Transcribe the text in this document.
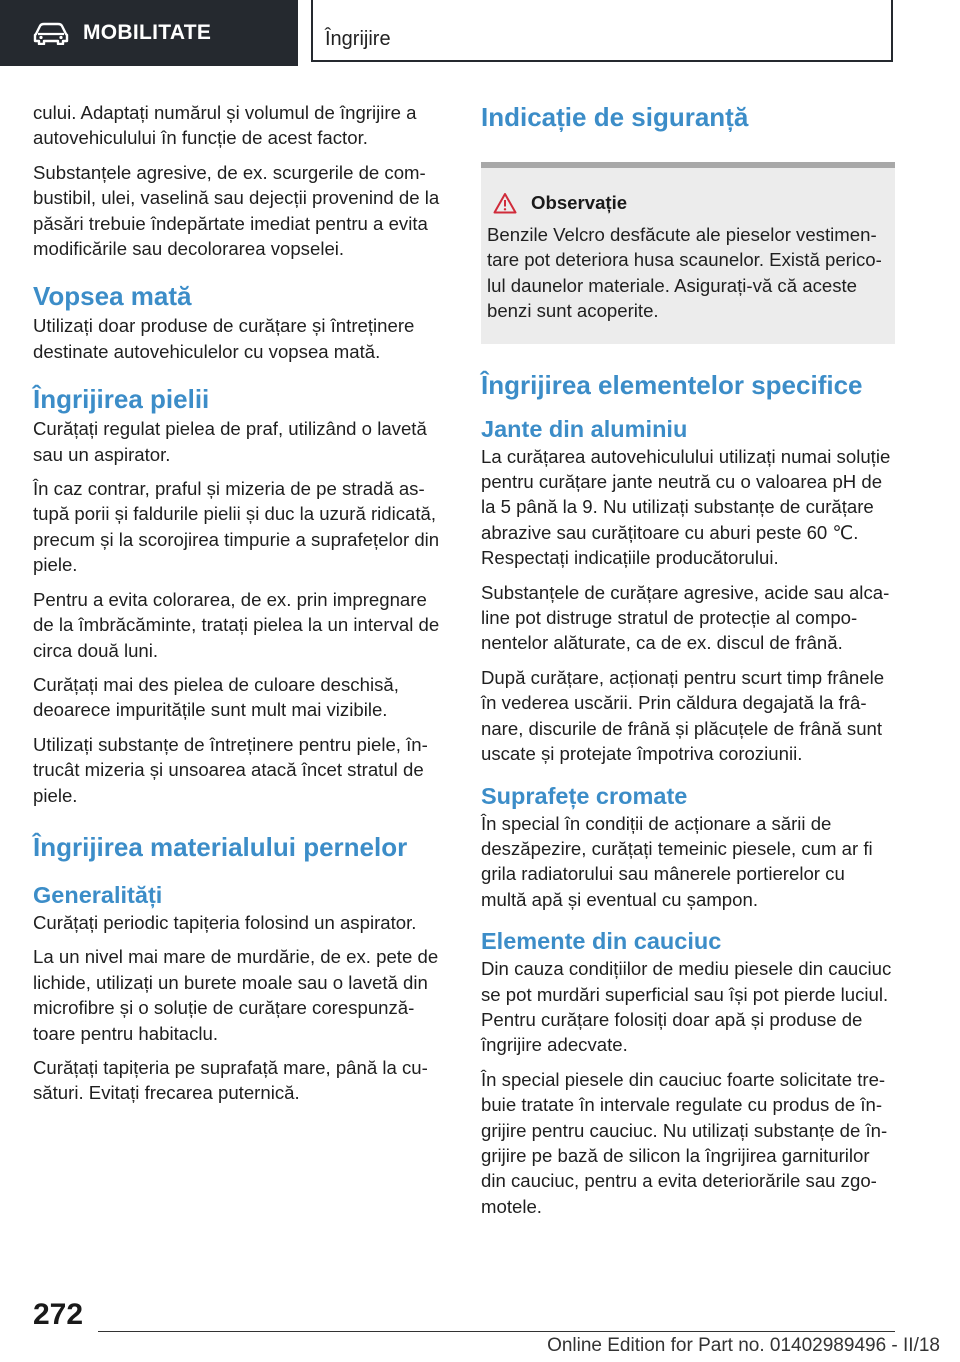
MOBILITATE	Îngrijire

cului. Adaptați numărul și volumul de îngrijire a autovehiculului în funcție de acest factor.

Substanțele agresive, de ex. scurgerile de combustibil, ulei, vaselină sau dejecții provenind de la păsări trebuie îndepărtate imediat pentru a evita modificările sau decolorarea vopselei.

Vopsea mată

Utilizați doar produse de curățare și întreținere destinate autovehiculelor cu vopsea mată.

Îngrijirea pielii

Curățați regulat pielea de praf, utilizând o lavetă sau un aspirator.

În caz contrar, praful și mizeria de pe stradă astupă porii și faldurile pielii și duc la uzură ridicată, precum și la scorojirea timpurie a suprafețelor din piele.

Pentru a evita colorarea, de ex. prin impregnare de la îmbrăcăminte, tratați pielea la un interval de circa două luni.

Curățați mai des pielea de culoare deschisă, deoarece impuritățile sunt mult mai vizibile.

Utilizați substanțe de întreținere pentru piele, întrucât mizeria și unsoarea atacă încet stratul de piele.

Îngrijirea materialului pernelor
Generalități

Curățați periodic tapițeria folosind un aspirator.

La un nivel mai mare de murdărie, de ex. pete de lichide, utilizați un burete moale sau o lavetă din microfibre și o soluție de curățare corespunzătoare pentru habitaclu.

Curățați tapițeria pe suprafață mare, până la cusături. Evitați frecarea puternică.

Indicație de siguranță
Observație

Benzile Velcro desfăcute ale pieselor vestimentare pot deteriora husa scaunelor. Există pericolul daunelor materiale. Asigurați-vă că aceste benzi sunt acoperite.

Îngrijirea elementelor specifice
Jante din aluminiu

La curățarea autovehiculului utilizați numai soluție pentru curățare jante neutră cu o valoarea pH de la 5 până la 9. Nu utilizați substanțe de curățare abrazive sau curățitoare cu aburi peste 60 ℃. Respectați indicațiile producătorului.

Substanțele de curățare agresive, acide sau alcaline pot distruge stratul de protecție al componentelor alăturate, ca de ex. discul de frână.

După curățare, acționați pentru scurt timp frânele în vederea uscării. Prin căldura degajată la frânare, discurile de frână și plăcuțele de frână sunt uscate și protejate împotriva coroziunii.

Suprafețe cromate

În special în condiții de acționare a sării de deszăpezire, curățați temeinic piesele, cum ar fi grila radiatorului sau mânerele portierelor cu multă apă și eventual cu șampon.

Elemente din cauciuc

Din cauza condițiilor de mediu piesele din cauciuc se pot murdări superficial sau își pot pierde luciul. Pentru curățare folosiți doar apă și produse de îngrijire adecvate.

În special piesele din cauciuc foarte solicitate trebuie tratate în intervale regulate cu produs de îngrijire pentru cauciuc. Nu utilizați substanțe de îngrijire pe bază de silicon la îngrijirea garniturilor din cauciuc, pentru a evita deteriorările sau zgomotele.

272
Online Edition for Part no. 01402989496 - II/18
